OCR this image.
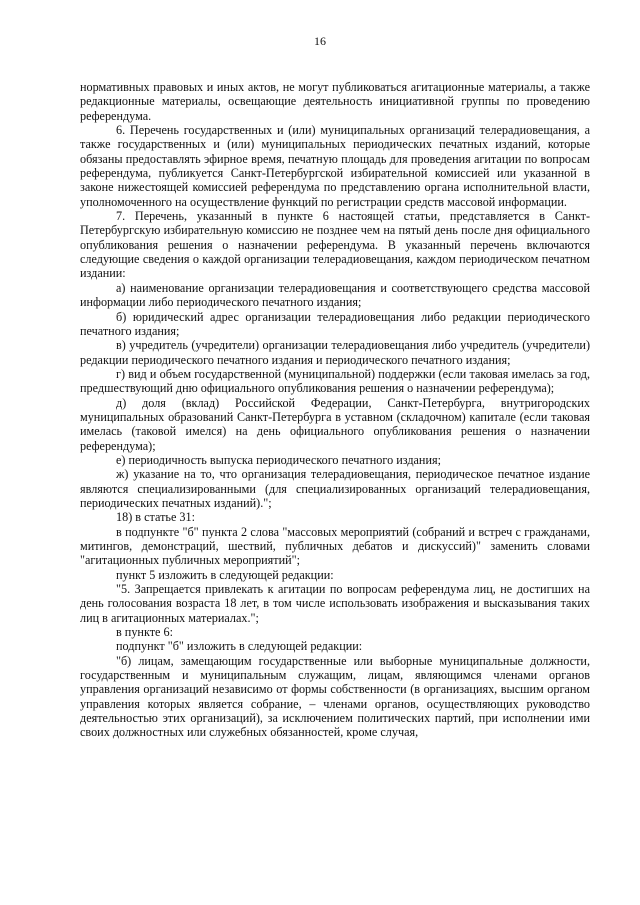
16

нормативных правовых и иных актов, не могут публиковаться агитационные материалы, а также редакционные материалы, освещающие деятельность инициативной группы по проведению референдума.

6. Перечень государственных и (или) муниципальных организаций телерадиовещания, а также государственных и (или) муниципальных периодических печатных изданий, которые обязаны предоставлять эфирное время, печатную площадь для проведения агитации по вопросам референдума, публикуется Санкт-Петербургской избирательной комиссией или указанной в законе нижестоящей комиссией референдума по представлению органа исполнительной власти, уполномоченного на осуществление функций по регистрации средств массовой информации.

7. Перечень, указанный в пункте 6 настоящей статьи, представляется в Санкт-Петербургскую избирательную комиссию не позднее чем на пятый день после дня официального опубликования решения о назначении референдума. В указанный перечень включаются следующие сведения о каждой организации телерадиовещания, каждом периодическом печатном издании:

а) наименование организации телерадиовещания и соответствующего средства массовой информации либо периодического печатного издания;

б) юридический адрес организации телерадиовещания либо редакции периодического печатного издания;

в) учредитель (учредители) организации телерадиовещания либо учредитель (учредители) редакции периодического печатного издания и периодического печатного издания;

г) вид и объем государственной (муниципальной) поддержки (если таковая имелась за год, предшествующий дню официального опубликования решения о назначении референдума);

д) доля (вклад) Российской Федерации, Санкт-Петербурга, внутригородских муниципальных образований Санкт-Петербурга в уставном (складочном) капитале (если таковая имелась (таковой имелся) на день официального опубликования решения о назначении референдума);

е) периодичность выпуска периодического печатного издания;

ж) указание на то, что организация телерадиовещания, периодическое печатное издание являются специализированными (для специализированных организаций телерадиовещания, периодических печатных изданий).";

18) в статье 31:

в подпункте "б" пункта 2 слова "массовых мероприятий (собраний и встреч с гражданами, митингов, демонстраций, шествий, публичных дебатов и дискуссий)" заменить словами "агитационных публичных мероприятий";

пункт 5 изложить в следующей редакции:

"5. Запрещается привлекать к агитации по вопросам референдума лиц, не достигших на день голосования возраста 18 лет, в том числе использовать изображения и высказывания таких лиц в агитационных материалах.";

в пункте 6:

подпункт "б" изложить в следующей редакции:

"б) лицам, замещающим государственные или выборные муниципальные должности, государственным и муниципальным служащим, лицам, являющимся членами органов управления организаций независимо от формы собственности (в организациях, высшим органом управления которых является собрание, – членами органов, осуществляющих руководство деятельностью этих организаций), за исключением политических партий, при исполнении ими своих должностных или служебных обязанностей, кроме случая,
